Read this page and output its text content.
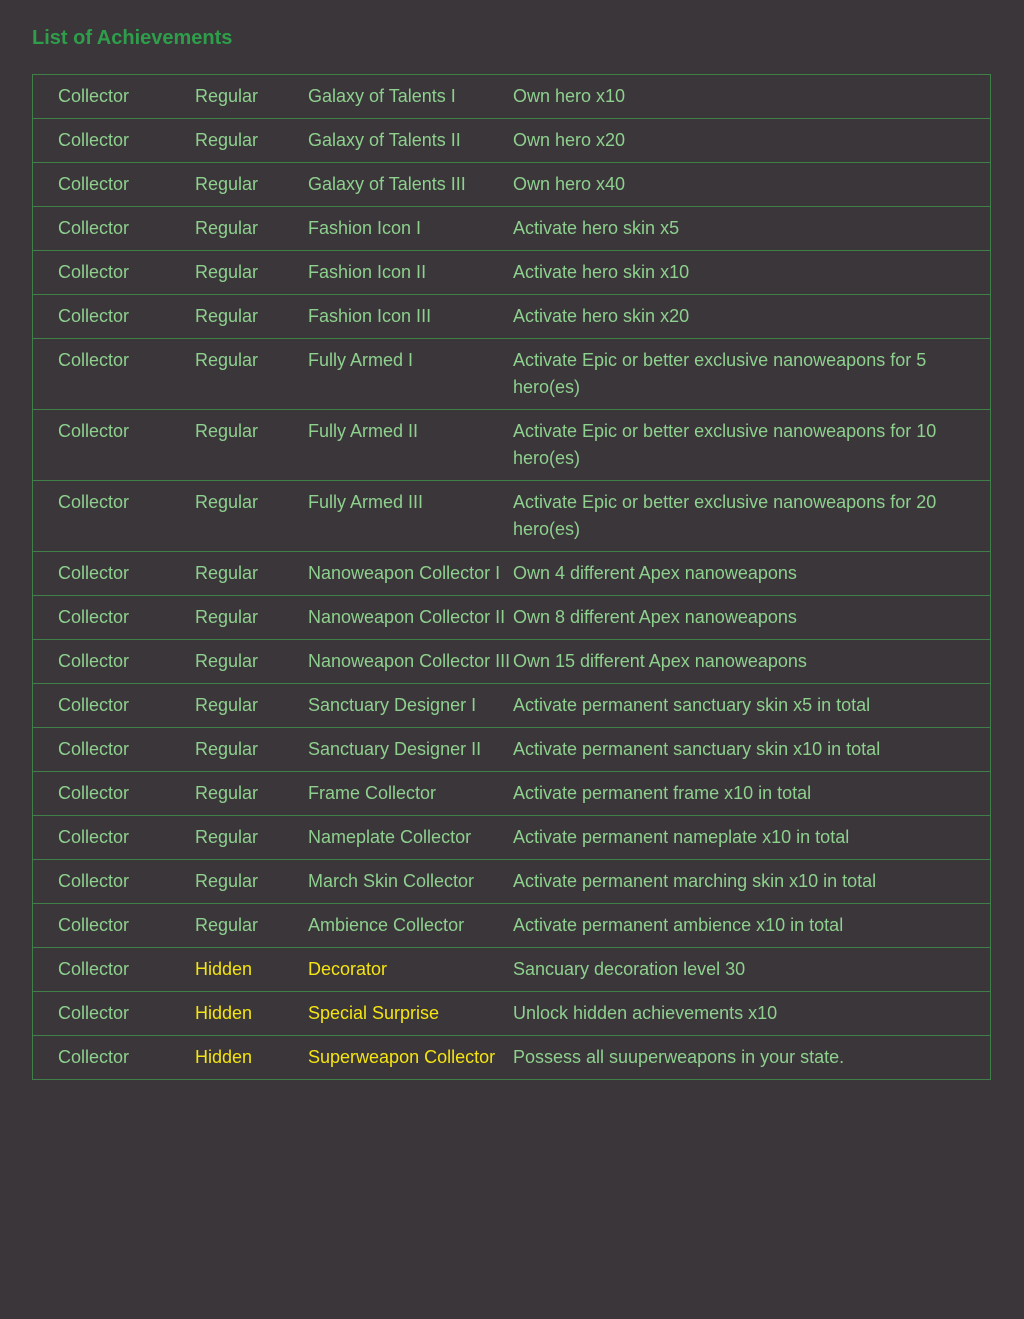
List of Achievements
Collector	Regular	Galaxy of Talents I	Own hero x10
Collector	Regular	Galaxy of Talents II	Own hero x20
Collector	Regular	Galaxy of Talents III	Own hero x40
Collector	Regular	Fashion Icon I	Activate hero skin x5
Collector	Regular	Fashion Icon II	Activate hero skin x10
Collector	Regular	Fashion Icon III	Activate hero skin x20
Collector	Regular	Fully Armed I	Activate Epic or better exclusive nanoweapons for 5 hero(es)
Collector	Regular	Fully Armed II	Activate Epic or better exclusive nanoweapons for 10 hero(es)
Collector	Regular	Fully Armed III	Activate Epic or better exclusive nanoweapons for 20 hero(es)
Collector	Regular	Nanoweapon Collector I	Own 4 different Apex nanoweapons
Collector	Regular	Nanoweapon Collector II	Own 8 different Apex nanoweapons
Collector	Regular	Nanoweapon Collector III	Own 15 different Apex nanoweapons
Collector	Regular	Sanctuary Designer I	Activate permanent sanctuary skin x5 in total
Collector	Regular	Sanctuary Designer II	Activate permanent sanctuary skin x10 in total
Collector	Regular	Frame Collector	Activate permanent frame x10 in total
Collector	Regular	Nameplate Collector	Activate permanent nameplate x10 in total
Collector	Regular	March Skin Collector	Activate permanent marching skin x10 in total
Collector	Regular	Ambience Collector	Activate permanent ambience x10 in total
Collector	Hidden	Decorator	Sancuary decoration level 30
Collector	Hidden	Special Surprise	Unlock hidden achievements x10
Collector	Hidden	Superweapon Collector	Possess all suuperweapons in your state.
